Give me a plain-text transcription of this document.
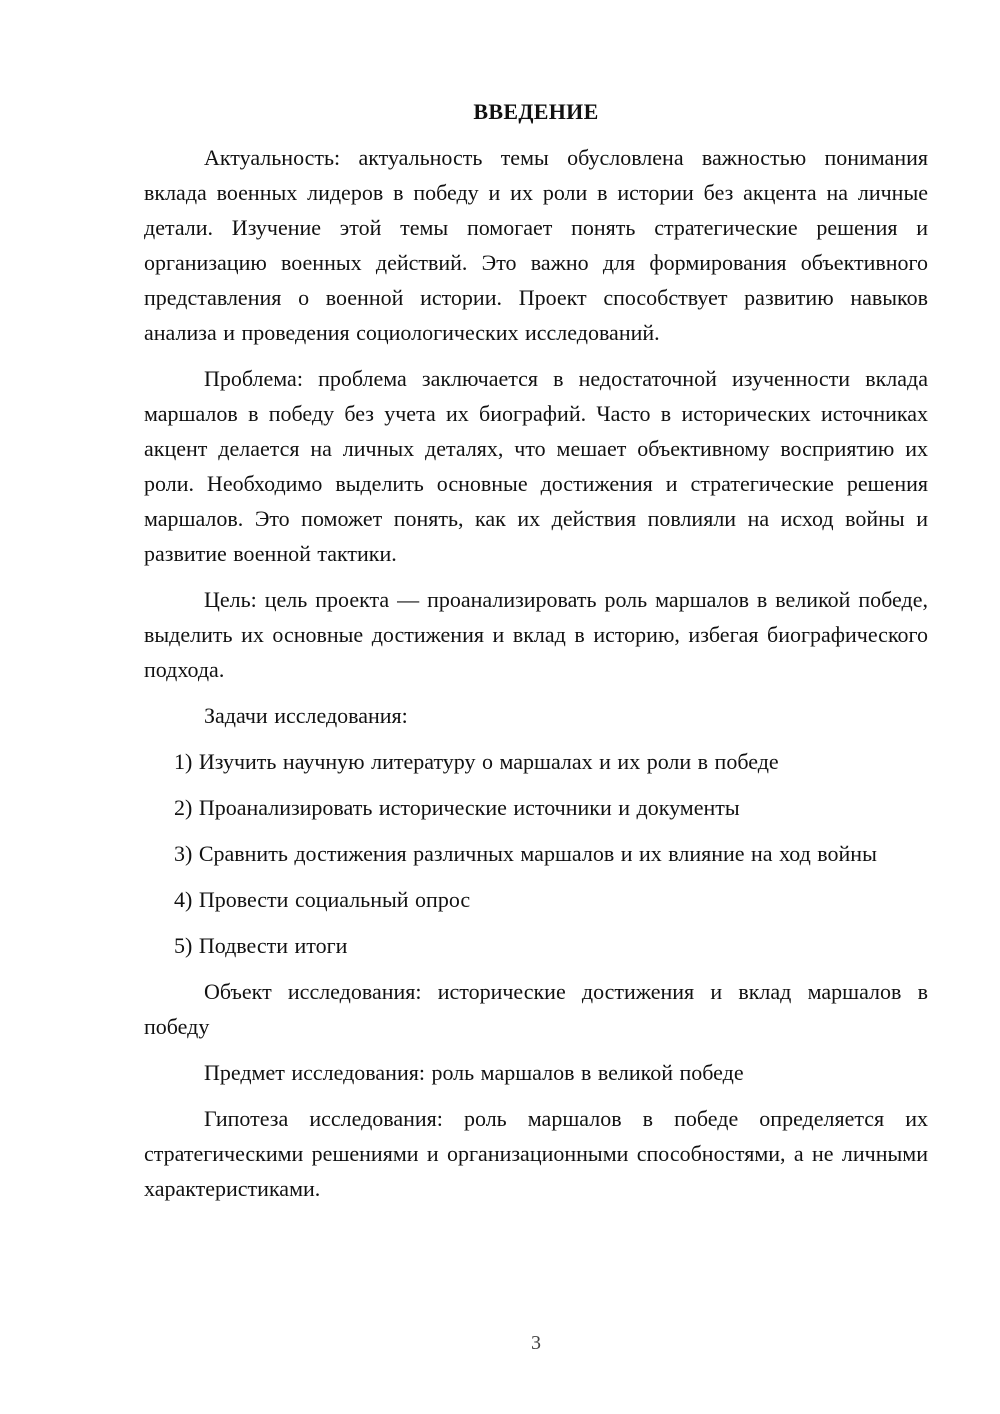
ВВЕДЕНИЕ

Актуальность: актуальность темы обусловлена важностью понимания вклада военных лидеров в победу и их роли в истории без акцента на личные детали. Изучение этой темы помогает понять стратегические решения и организацию военных действий. Это важно для формирования объективного представления о военной истории. Проект способствует развитию навыков анализа и проведения социологических исследований.

Проблема: проблема заключается в недостаточной изученности вклада маршалов в победу без учета их биографий. Часто в исторических источниках акцент делается на личных деталях, что мешает объективному восприятию их роли. Необходимо выделить основные достижения и стратегические решения маршалов. Это поможет понять, как их действия повлияли на исход войны и развитие военной тактики.

Цель: цель проекта — проанализировать роль маршалов в великой победе, выделить их основные достижения и вклад в историю, избегая биографического подхода.

Задачи исследования:

1) Изучить научную литературу о маршалах и их роли в победе

2) Проанализировать исторические источники и документы

3) Сравнить достижения различных маршалов и их влияние на ход войны

4) Провести социальный опрос

5) Подвести итоги

Объект исследования: исторические достижения и вклад маршалов в победу

Предмет исследования: роль маршалов в великой победе

Гипотеза исследования: роль маршалов в победе определяется их стратегическими решениями и организационными способностями, а не личными характеристиками.

3
